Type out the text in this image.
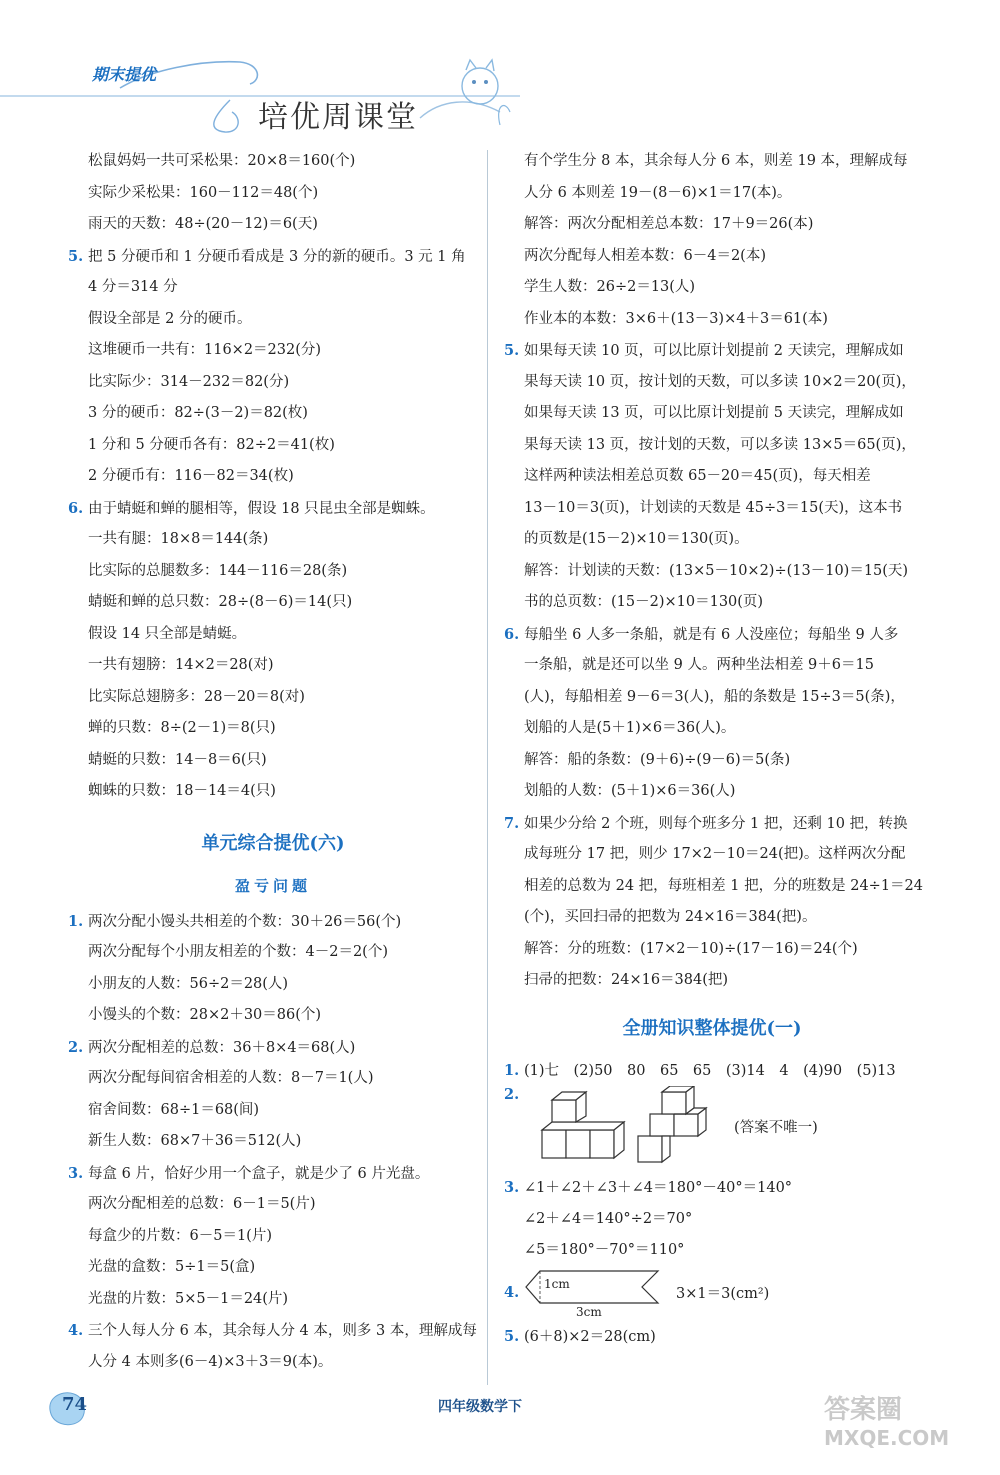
期末提优
培优周课堂
松鼠妈妈一共可采松果：20×8＝160(个)
实际少采松果：160－112＝48(个)
雨天的天数：48÷(20－12)＝6(天)
5. 把 5 分硬币和 1 分硬币看成是 3 分的新的硬币。3 元 1 角
4 分＝314 分
假设全部是 2 分的硬币。
这堆硬币一共有：116×2＝232(分)
比实际少：314－232＝82(分)
3 分的硬币：82÷(3－2)＝82(枚)
1 分和 5 分硬币各有：82÷2＝41(枚)
2 分硬币有：116－82＝34(枚)
6. 由于蜻蜓和蝉的腿相等，假设 18 只昆虫全部是蜘蛛。
一共有腿：18×8＝144(条)
比实际的总腿数多：144－116＝28(条)
蜻蜓和蝉的总只数：28÷(8－6)＝14(只)
假设 14 只全部是蜻蜓。
一共有翅膀：14×2＝28(对)
比实际总翅膀多：28－20＝8(对)
蝉的只数：8÷(2－1)＝8(只)
蜻蜓的只数：14－8＝6(只)
蜘蛛的只数：18－14＝4(只)
单元综合提优(六)
盈亏问题
1. 两次分配小馒头共相差的个数：30＋26＝56(个)
两次分配每个小朋友相差的个数：4－2＝2(个)
小朋友的人数：56÷2＝28(人)
小馒头的个数：28×2＋30＝86(个)
2. 两次分配相差的总数：36＋8×4＝68(人)
两次分配每间宿舍相差的人数：8－7＝1(人)
宿舍间数：68÷1＝68(间)
新生人数：68×7＋36＝512(人)
3. 每盒 6 片，恰好少用一个盒子，就是少了 6 片光盘。
两次分配相差的总数：6－1＝5(片)
每盒少的片数：6－5＝1(片)
光盘的盒数：5÷1＝5(盒)
光盘的片数：5×5－1＝24(片)
4. 三个人每人分 6 本，其余每人分 4 本，则多 3 本，理解成每
人分 4 本则多(6－4)×3＋3＝9(本)。
有个学生分 8 本，其余每人分 6 本，则差 19 本，理解成每
人分 6 本则差 19－(8－6)×1＝17(本)。
解答：两次分配相差总本数：17＋9＝26(本)
两次分配每人相差本数：6－4＝2(本)
学生人数：26÷2＝13(人)
作业本的本数：3×6＋(13－3)×4＋3＝61(本)
5. 如果每天读 10 页，可以比原计划提前 2 天读完，理解成如
果每天读 10 页，按计划的天数，可以多读 10×2＝20(页)，
如果每天读 13 页，可以比原计划提前 5 天读完，理解成如
果每天读 13 页，按计划的天数，可以多读 13×5＝65(页)，
这样两种读法相差总页数 65－20＝45(页)，每天相差
13－10＝3(页)，计划读的天数是 45÷3＝15(天)，这本书
的页数是(15－2)×10＝130(页)。
解答：计划读的天数：(13×5－10×2)÷(13－10)＝15(天)
书的总页数：(15－2)×10＝130(页)
6. 每船坐 6 人多一条船，就是有 6 人没座位；每船坐 9 人多
一条船，就是还可以坐 9 人。两种坐法相差 9＋6＝15
(人)，每船相差 9－6＝3(人)，船的条数是 15÷3＝5(条)，
划船的人是(5＋1)×6＝36(人)。
解答：船的条数：(9＋6)÷(9－6)＝5(条)
划船的人数：(5＋1)×6＝36(人)
7. 如果少分给 2 个班，则每个班多分 1 把，还剩 10 把，转换
成每班分 17 把，则少 17×2－10＝24(把)。这样两次分配
相差的总数为 24 把，每班相差 1 把，分的班数是 24÷1＝24
(个)，买回扫帚的把数为 24×16＝384(把)。
解答：分的班数：(17×2－10)÷(17－16)＝24(个)
扫帚的把数：24×16＝384(把)
全册知识整体提优(一)
1. (1)七　(2)50　80　65　65　(3)14　4　(4)90　(5)13
2.
(答案不唯一)
3. ∠1＋∠2＋∠3＋∠4＝180°－40°＝140°
∠2＋∠4＝140°÷2＝70°
∠5＝180°－70°＝110°
4.
1cm
3cm
3×1＝3(cm²)
5. (6＋8)×2＝28(cm)
74	四年级数学下	答案圈
MXQE.COM
